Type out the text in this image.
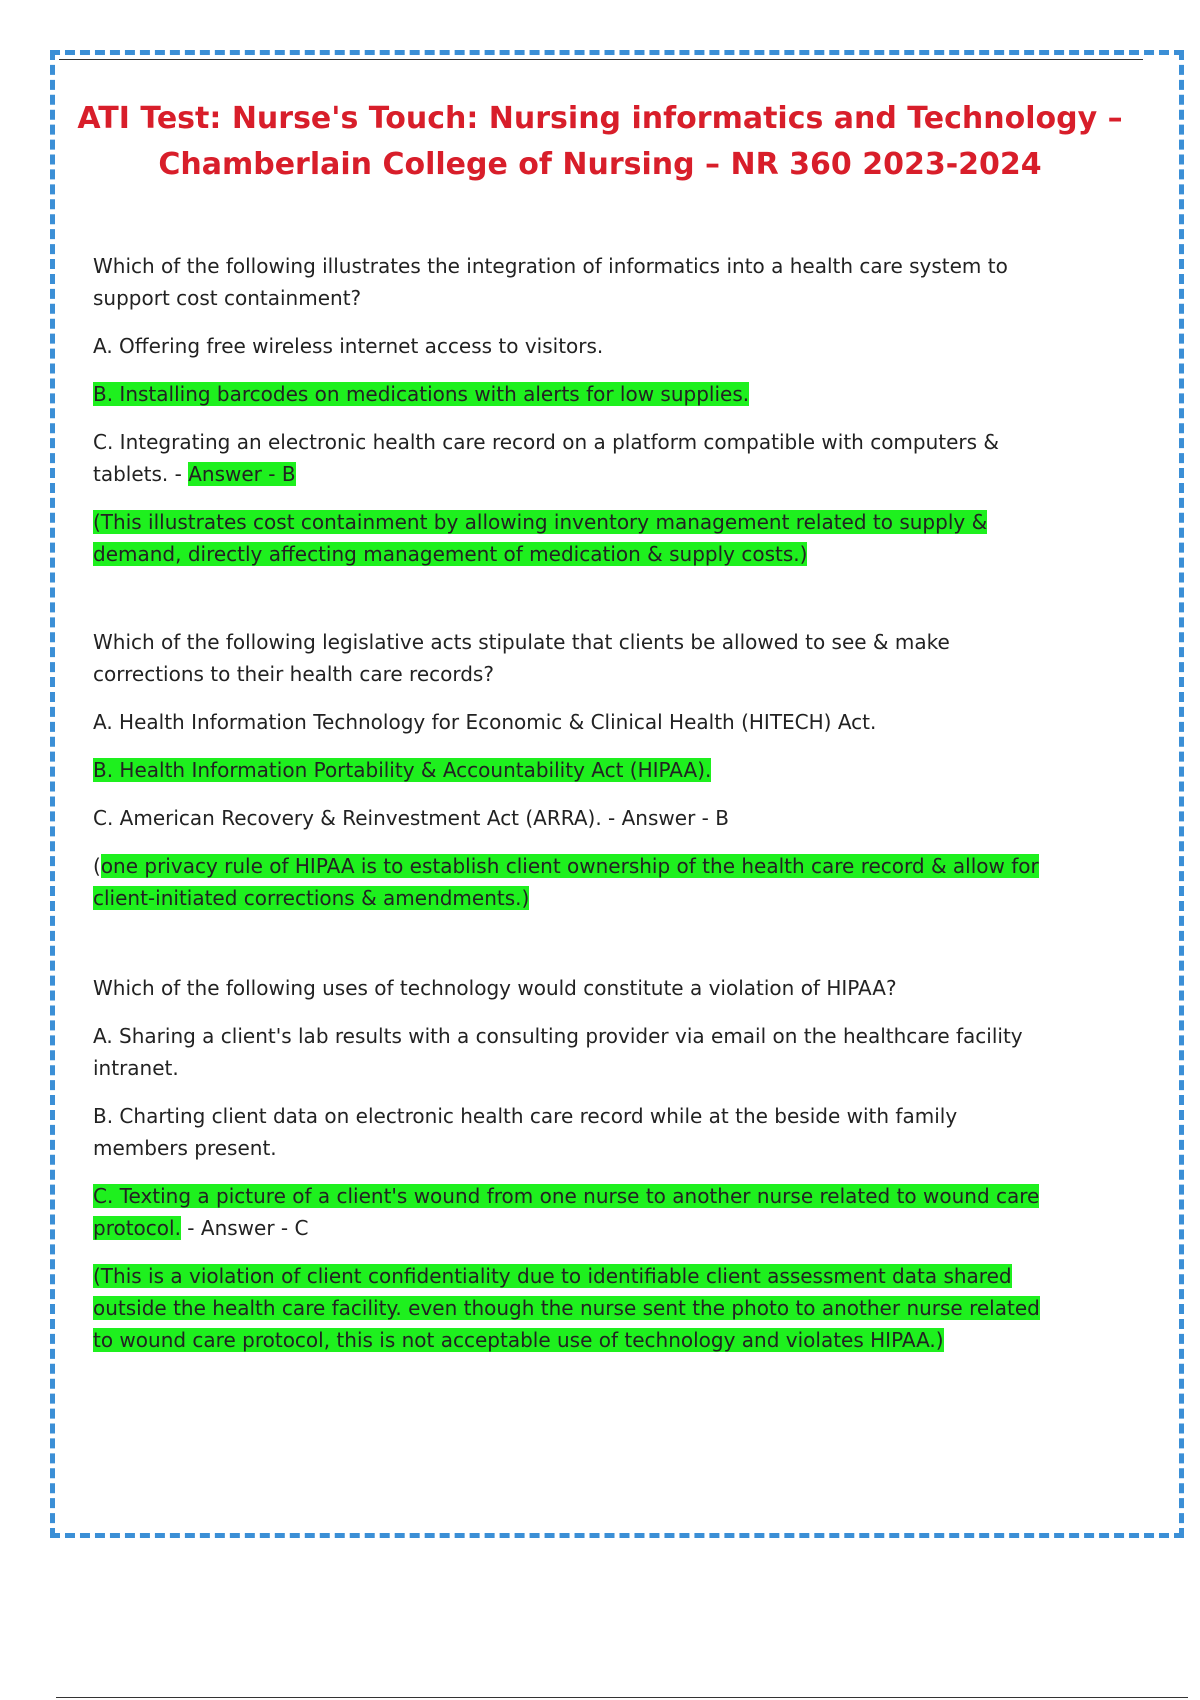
ATI Test: Nurse's Touch: Nursing informatics and Technology –
Chamberlain College of Nursing – NR 360 2023-2024

Which of the following illustrates the integration of informatics into a health care system to support cost containment?

A. Offering free wireless internet access to visitors.

B. Installing barcodes on medications with alerts for low supplies.

C. Integrating an electronic health care record on a platform compatible with computers & tablets. - Answer - B

(This illustrates cost containment by allowing inventory management related to supply & demand, directly affecting management of medication & supply costs.)

Which of the following legislative acts stipulate that clients be allowed to see & make corrections to their health care records?

A. Health Information Technology for Economic & Clinical Health (HITECH) Act.

B. Health Information Portability & Accountability Act (HIPAA).

C. American Recovery & Reinvestment Act (ARRA). - Answer - B

(one privacy rule of HIPAA is to establish client ownership of the health care record & allow for client-initiated corrections & amendments.)

Which of the following uses of technology would constitute a violation of HIPAA?

A. Sharing a client's lab results with a consulting provider via email on the healthcare facility intranet.

B. Charting client data on electronic health care record while at the beside with family members present.

C. Texting a picture of a client's wound from one nurse to another nurse related to wound care protocol. - Answer - C

(This is a violation of client confidentiality due to identifiable client assessment data shared outside the health care facility. even though the nurse sent the photo to another nurse related to wound care protocol, this is not acceptable use of technology and violates HIPAA.)
